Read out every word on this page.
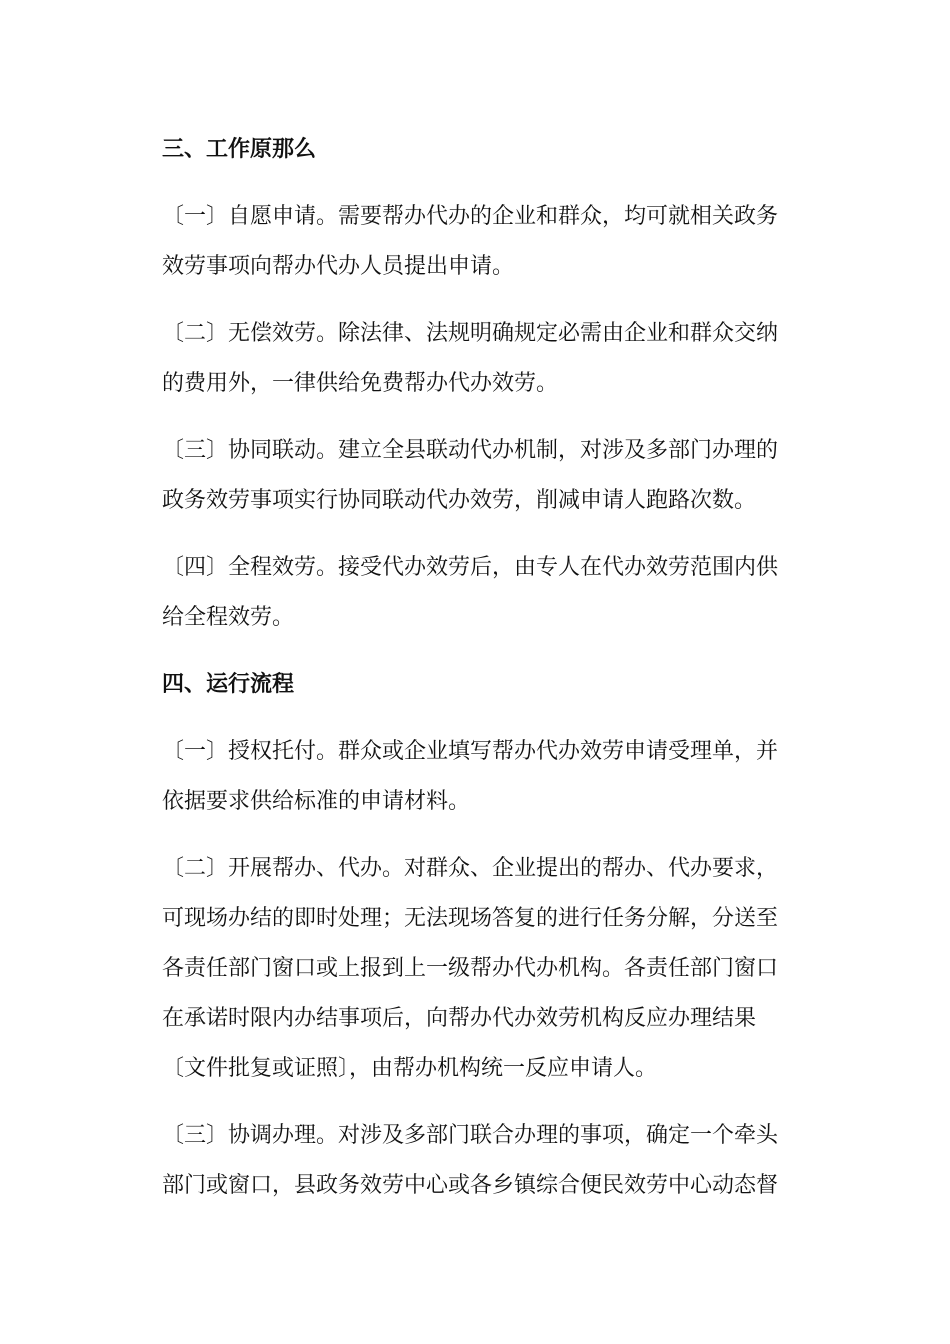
三、工作原那么
〔一〕自愿申请。需要帮办代办的企业和群众，均可就相关政务
效劳事项向帮办代办人员提出申请。
〔二〕无偿效劳。除法律、法规明确规定必需由企业和群众交纳
的费用外，一律供给免费帮办代办效劳。
〔三〕协同联动。建立全县联动代办机制，对涉及多部门办理的
政务效劳事项实行协同联动代办效劳，削减申请人跑路次数。
〔四〕全程效劳。接受代办效劳后，由专人在代办效劳范围内供
给全程效劳。
四、运行流程
〔一〕授权托付。群众或企业填写帮办代办效劳申请受理单，并
依据要求供给标准的申请材料。
〔二〕开展帮办、代办。对群众、企业提出的帮办、代办要求，
可现场办结的即时处理；无法现场答复的进行任务分解，分送至
各责任部门窗口或上报到上一级帮办代办机构。各责任部门窗口
在承诺时限内办结事项后，向帮办代办效劳机构反应办理结果
〔文件批复或证照〕，由帮办机构统一反应申请人。
〔三〕协调办理。对涉及多部门联合办理的事项，确定一个牵头
部门或窗口，县政务效劳中心或各乡镇综合便民效劳中心动态督
